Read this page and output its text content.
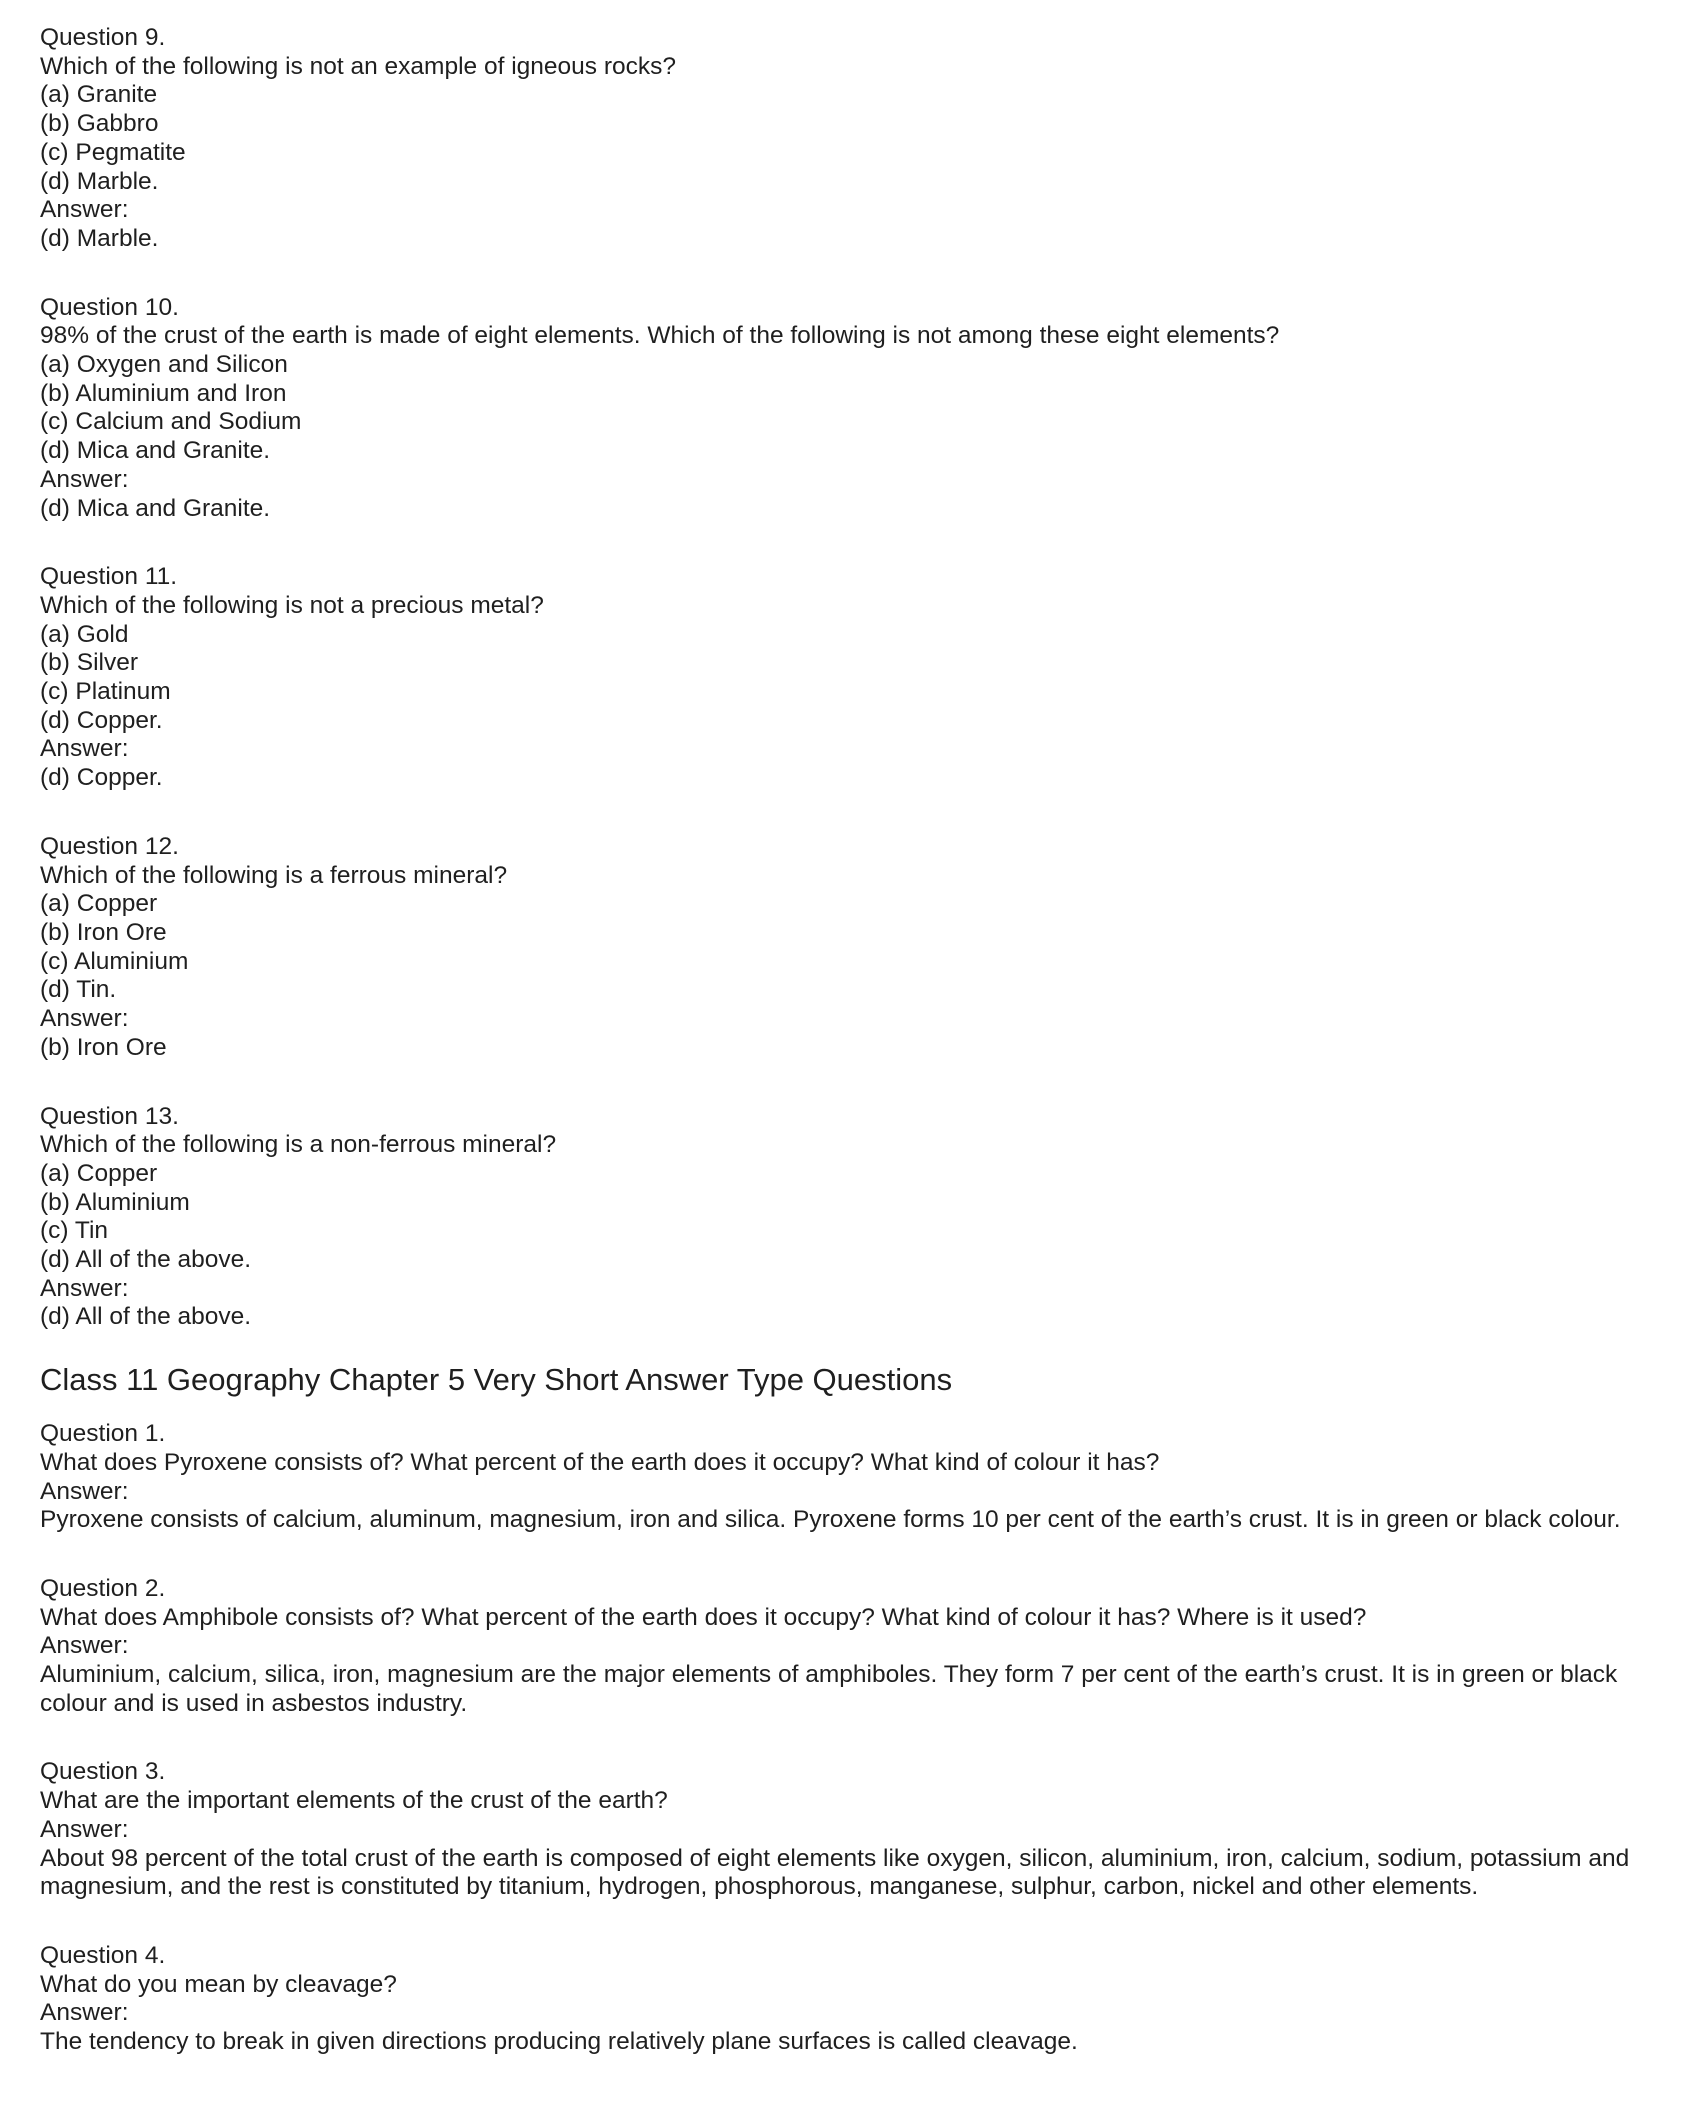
Question 9.

Which of the following is not an example of igneous rocks?

(a) Granite

(b) Gabbro

(c) Pegmatite

(d) Marble.

Answer:

(d) Marble.

Question 10.

98% of the crust of the earth is made of eight elements. Which of the following is not among these eight elements?

(a) Oxygen and Silicon

(b) Aluminium and Iron

(c) Calcium and Sodium

(d) Mica and Granite.

Answer:

(d) Mica and Granite.

Question 11.

Which of the following is not a precious metal?

(a) Gold

(b) Silver

(c) Platinum

(d) Copper.

Answer:

(d) Copper.

Question 12.

Which of the following is a ferrous mineral?

(a) Copper

(b) Iron Ore

(c) Aluminium

(d) Tin.

Answer:

(b) Iron Ore

Question 13.

Which of the following is a non-ferrous mineral?

(a) Copper

(b) Aluminium

(c) Tin

(d) All of the above.

Answer:

(d) All of the above.

Class 11 Geography Chapter 5 Very Short Answer Type Questions

Question 1.

What does Pyroxene consists of? What percent of the earth does it occupy? What kind of colour it has?

Answer:

Pyroxene consists of calcium, aluminum, magnesium, iron and silica. Pyroxene forms 10 per cent of the earth’s crust. It is in green or black colour.

Question 2.

What does Amphibole consists of? What percent of the earth does it occupy? What kind of colour it has? Where is it used?

Answer:

Aluminium, calcium, silica, iron, magnesium are the major elements of amphiboles. They form 7 per cent of the earth’s crust. It is in green or black colour and is used in asbestos industry.

Question 3.

What are the important elements of the crust of the earth?

Answer:

About 98 percent of the total crust of the earth is composed of eight elements like oxygen, silicon, aluminium, iron, calcium, sodium, potassium and magnesium, and the rest is constituted by titanium, hydrogen, phosphorous, manganese, sulphur, carbon, nickel and other elements.

Question 4.

What do you mean by cleavage?

Answer:

The tendency to break in given directions producing relatively plane surfaces is called cleavage.
